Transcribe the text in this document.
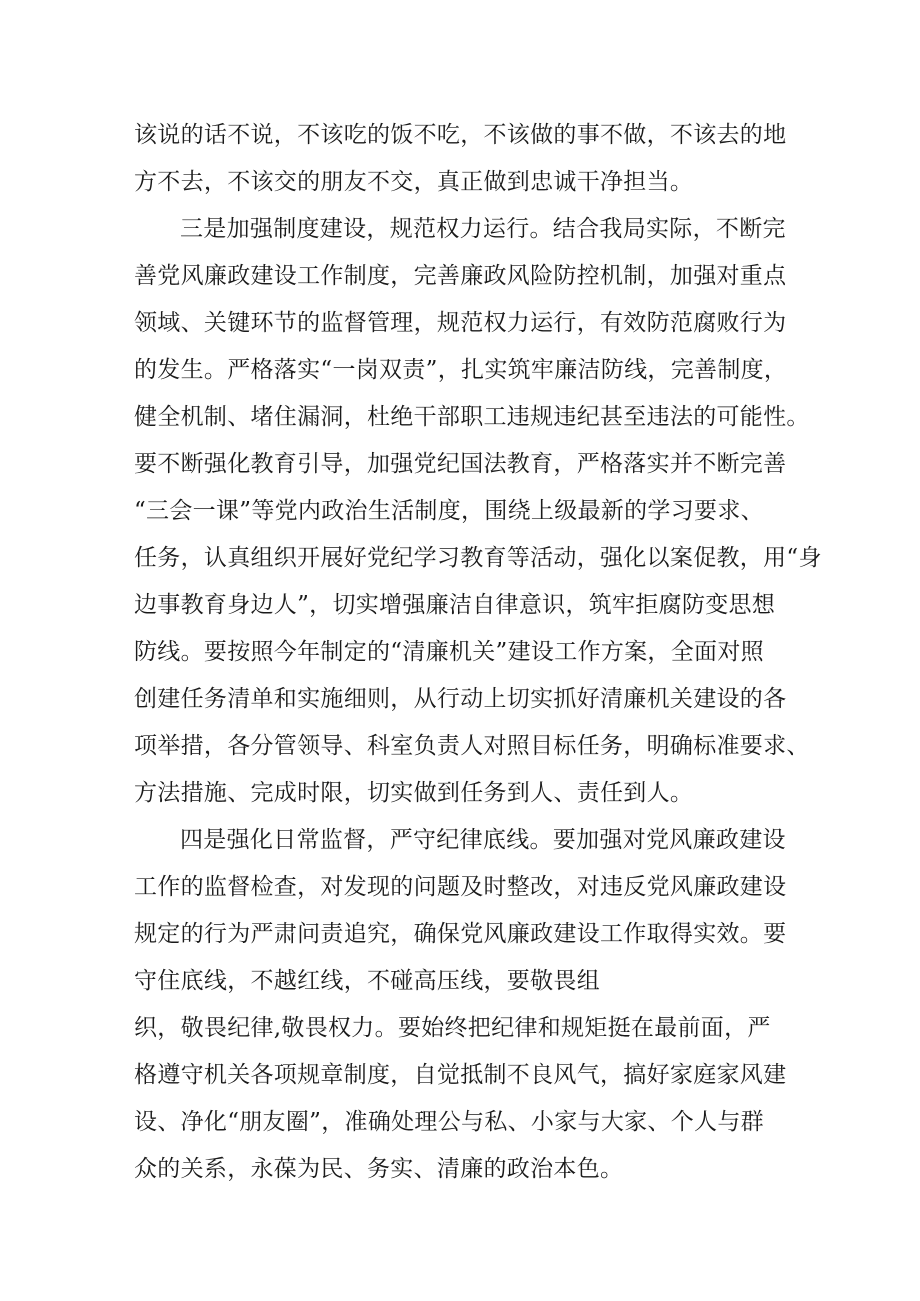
该说的话不说，不该吃的饭不吃，不该做的事不做，不该去的地
方不去，不该交的朋友不交，真正做到忠诚干净担当。
三是加强制度建设，规范权力运行。结合我局实际，不断完
善党风廉政建设工作制度，完善廉政风险防控机制，加强对重点
领域、关键环节的监督管理，规范权力运行，有效防范腐败行为
的发生。严格落实“一岗双责”，扎实筑牢廉洁防线，完善制度，
健全机制、堵住漏洞，杜绝干部职工违规违纪甚至违法的可能性。
要不断强化教育引导，加强党纪国法教育，严格落实并不断完善
“三会一课”等党内政治生活制度，围绕上级最新的学习要求、
任务，认真组织开展好党纪学习教育等活动，强化以案促教，用“身
边事教育身边人”，切实增强廉洁自律意识，筑牢拒腐防变思想
防线。要按照今年制定的“清廉机关”建设工作方案，全面对照
创建任务清单和实施细则，从行动上切实抓好清廉机关建设的各
项举措，各分管领导、科室负责人对照目标任务，明确标准要求、
方法措施、完成时限，切实做到任务到人、责任到人。
四是强化日常监督，严守纪律底线。要加强对党风廉政建设
工作的监督检查，对发现的问题及时整改，对违反党风廉政建设
规定的行为严肃问责追究，确保党风廉政建设工作取得实效。要
守住底线，不越红线，不碰高压线，要敬畏组
织，敬畏纪律,敬畏权力。要始终把纪律和规矩挺在最前面，严
格遵守机关各项规章制度，自觉抵制不良风气，搞好家庭家风建
设、净化“朋友圈”，准确处理公与私、小家与大家、个人与群
众的关系，永葆为民、务实、清廉的政治本色。
